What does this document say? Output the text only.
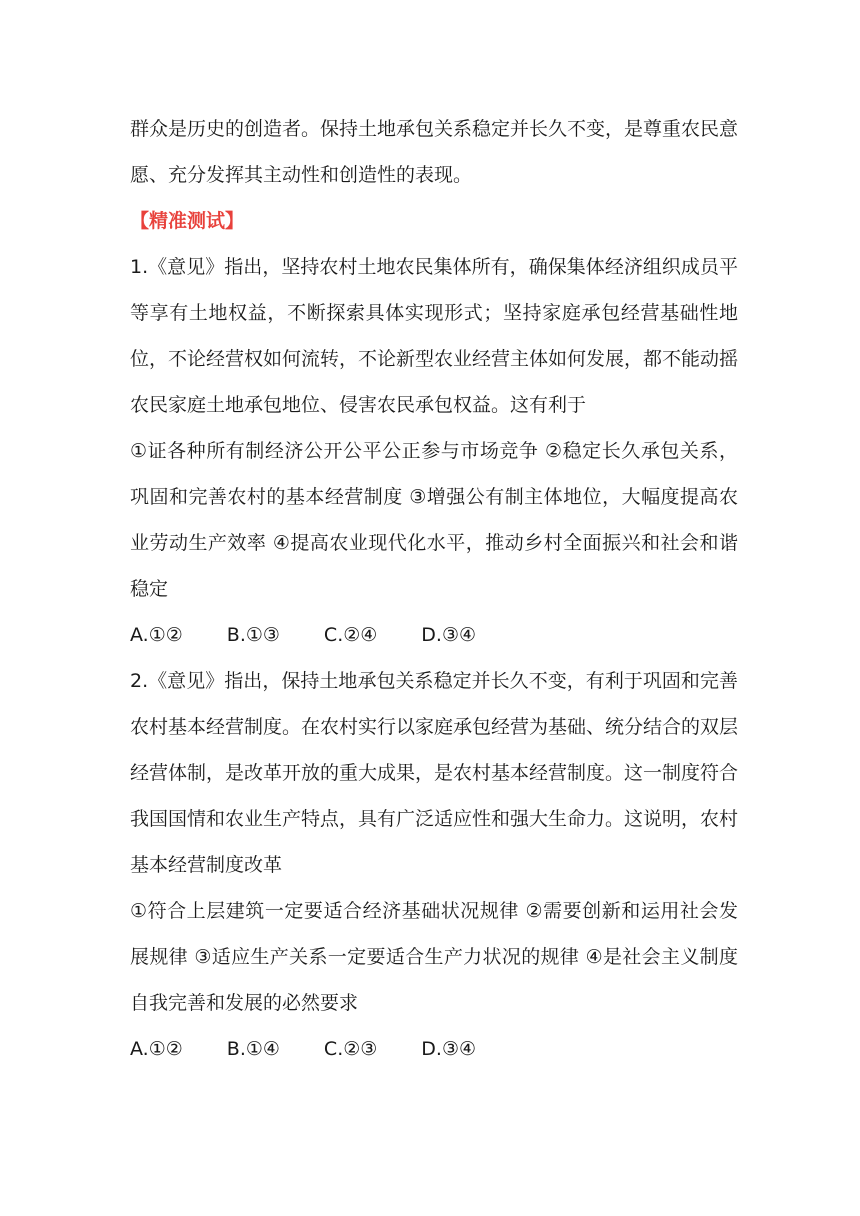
群众是历史的创造者。保持土地承包关系稳定并长久不变，是尊重农民意愿、充分发挥其主动性和创造性的表现。

【精准测试】

1.《意见》指出，坚持农村土地农民集体所有，确保集体经济组织成员平等享有土地权益，不断探索具体实现形式；坚持家庭承包经营基础性地位，不论经营权如何流转，不论新型农业经营主体如何发展，都不能动摇农民家庭土地承包地位、侵害农民承包权益。这有利于

①证各种所有制经济公开公平公正参与市场竞争 ②稳定长久承包关系，巩固和完善农村的基本经营制度 ③增强公有制主体地位，大幅度提高农业劳动生产效率 ④提高农业现代化水平，推动乡村全面振兴和社会和谐稳定

A.①② B.①③ C.②④ D.③④

2.《意见》指出，保持土地承包关系稳定并长久不变，有利于巩固和完善农村基本经营制度。在农村实行以家庭承包经营为基础、统分结合的双层经营体制，是改革开放的重大成果，是农村基本经营制度。这一制度符合我国国情和农业生产特点，具有广泛适应性和强大生命力。这说明，农村基本经营制度改革

①符合上层建筑一定要适合经济基础状况规律 ②需要创新和运用社会发展规律 ③适应生产关系一定要适合生产力状况的规律 ④是社会主义制度自我完善和发展的必然要求

A.①② B.①④ C.②③ D.③④
